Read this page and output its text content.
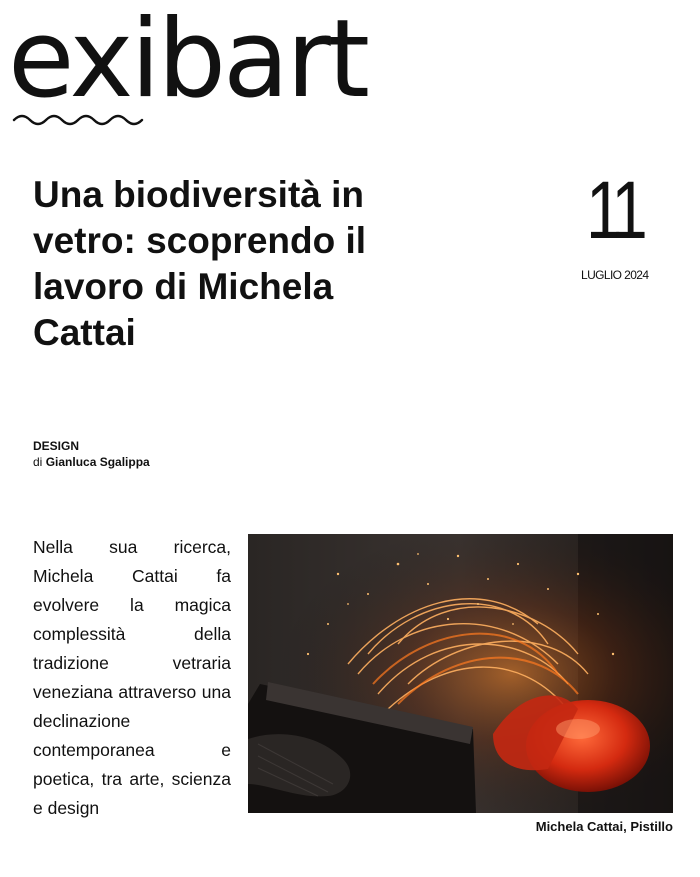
exibart
Una biodiversità in vetro: scoprendo il lavoro di Michela Cattai
11
LUGLIO 2024
DESIGN
di Gianluca Sgalippa

Nella sua ricerca, Michela Cattai fa evolvere la magica complessità della tradizione vetraria veneziana attraverso una declinazione contemporanea e poetica, tra arte, scienza e design

Michela Cattai, Pistillo
